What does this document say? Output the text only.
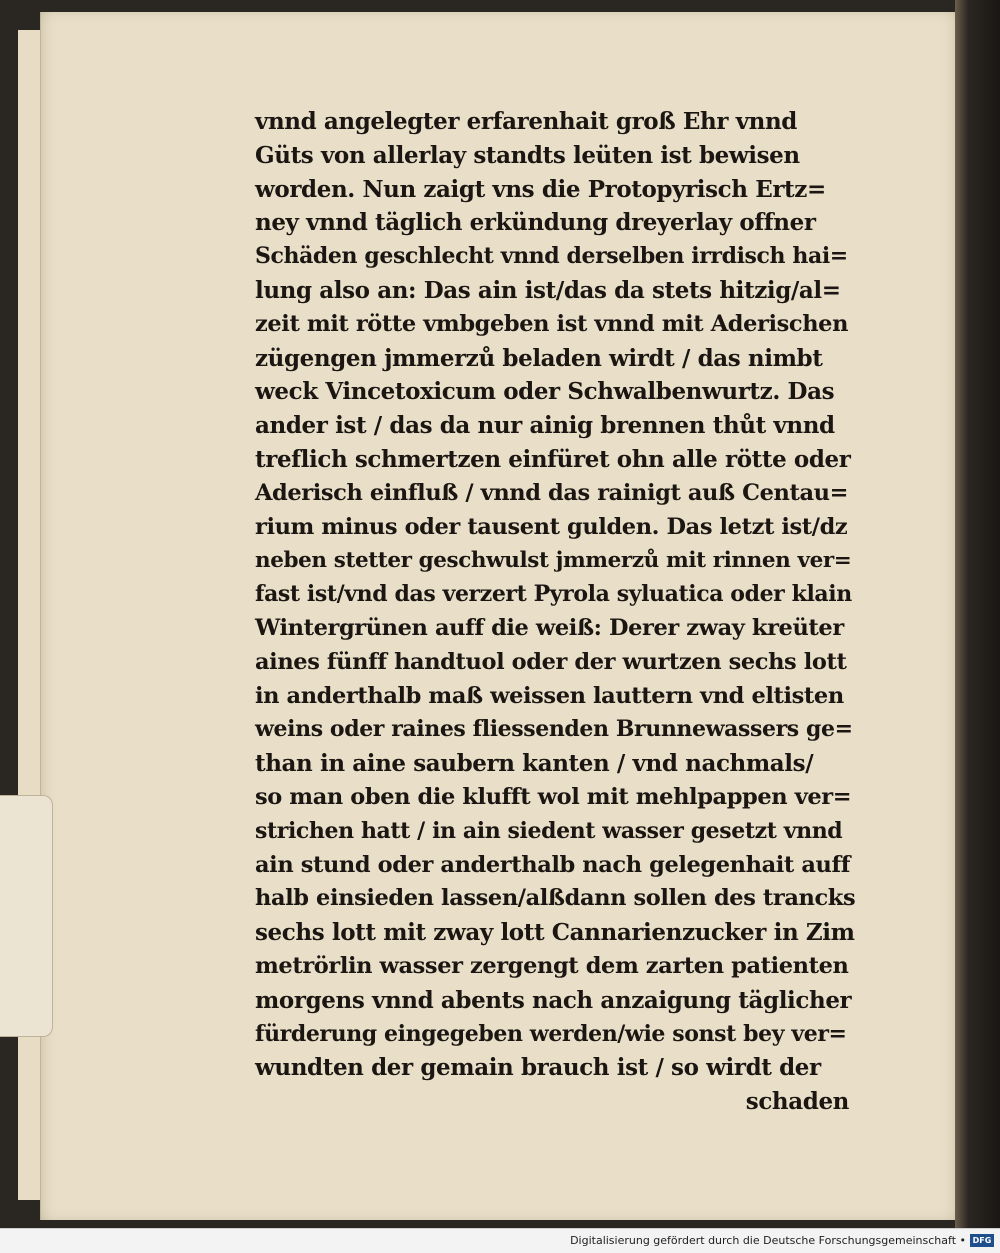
vnnd angelegter erfarenhait groß Ehr vnnd
Güts von allerlay standts leüten ist bewisen
worden. Nun zaigt vns die Protopyrisch Ertz=
ney vnnd täglich erkündung dreyerlay offner
Schäden geschlecht vnnd derselben irrdisch hai=
lung also an: Das ain ist/das da stets hitzig/al=
zeit mit rötte vmbgeben ist vnnd mit Aderischen
zügengen jmmerzů beladen wirdt / das nimbt
weck Vincetoxicum oder Schwalbenwurtz. Das
ander ist / das da nur ainig brennen thůt vnnd
treflich schmertzen einfüret ohn alle rötte oder
Aderisch einfluß / vnnd das rainigt auß Centau=
rium minus oder tausent gulden. Das letzt ist/dz
neben stetter geschwulst jmmerzů mit rinnen ver=
fast ist/vnd das verzert Pyrola syluatica oder klain
Wintergrünen auff die weiß: Derer zway kreüter
aines fünff handtuol oder der wurtzen sechs lott
in anderthalb maß weissen lauttern vnd eltisten
weins oder raines fliessenden Brunnewassers ge=
than in aine saubern kanten / vnd nachmals/
so man oben die klufft wol mit mehlpappen ver=
strichen hatt / in ain siedent wasser gesetzt vnnd
ain stund oder anderthalb nach gelegenhait auff
halb einsieden lassen/alßdann sollen des trancks
sechs lott mit zway lott Cannarienzucker in Zim
metrörlin wasser zergengt dem zarten patienten
morgens vnnd abents nach anzaigung täglicher
fürderung eingegeben werden/wie sonst bey ver=
wundten der gemain brauch ist / so wirdt der
schaden
Digitalisierung gefördert durch die Deutsche Forschungsgemeinschaft • DFG
